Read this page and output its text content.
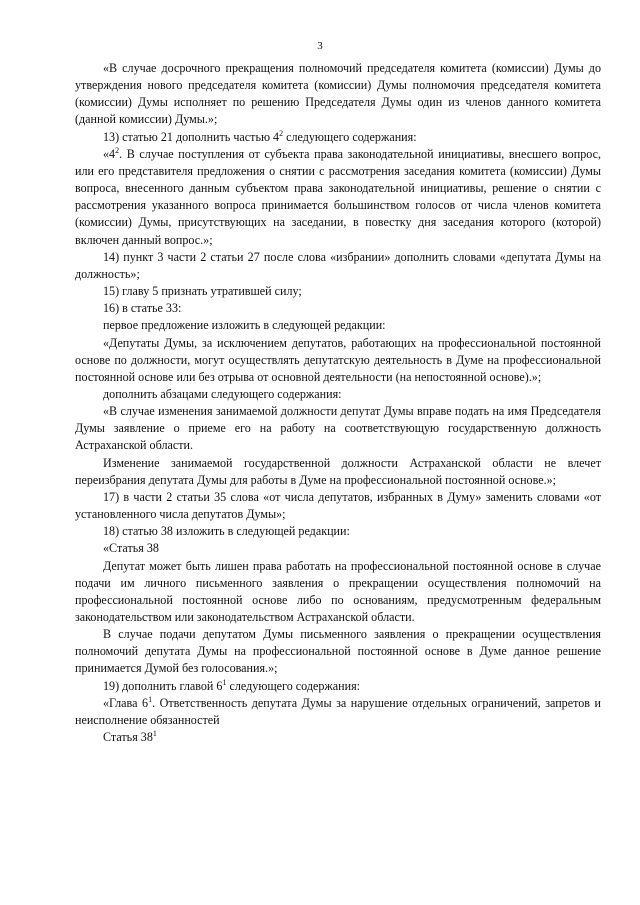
3

«В случае досрочного прекращения полномочий председателя комитета (комиссии) Думы до утверждения нового председателя комитета (комиссии) Думы полномочия председателя комитета (комиссии) Думы исполняет по решению Председателя Думы один из членов данного комитета (данной комиссии) Думы.»;

13) статью 21 дополнить частью $4^2$ следующего содержания:

«$4^2$. В случае поступления от субъекта права законодательной инициативы, внесшего вопрос, или его представителя предложения о снятии с рассмотрения заседания комитета (комиссии) Думы вопроса, внесенного данным субъектом права законодательной инициативы, решение о снятии с рассмотрения указанного вопроса принимается большинством голосов от числа членов комитета (комиссии) Думы, присутствующих на заседании, в повестку дня заседания которого (которой) включен данный вопрос.»;

14) пункт 3 части 2 статьи 27 после слова «избрании» дополнить словами «депутата Думы на должность»;

15) главу 5 признать утратившей силу;

16) в статье 33:

первое предложение изложить в следующей редакции:

«Депутаты Думы, за исключением депутатов, работающих на профессиональной постоянной основе по должности, могут осуществлять депутатскую деятельность в Думе на профессиональной постоянной основе или без отрыва от основной деятельности (на непостоянной основе).»;

дополнить абзацами следующего содержания:

«В случае изменения занимаемой должности депутат Думы вправе подать на имя Председателя Думы заявление о приеме его на работу на соответствующую государственную должность Астраханской области.

Изменение занимаемой государственной должности Астраханской области не влечет переизбрания депутата Думы для работы в Думе на профессиональной постоянной основе.»;

17) в части 2 статьи 35 слова «от числа депутатов, избранных в Думу» заменить словами «от установленного числа депутатов Думы»;

18) статью 38 изложить в следующей редакции:

«Статья 38

Депутат может быть лишен права работать на профессиональной постоянной основе в случае подачи им личного письменного заявления о прекращении осуществления полномочий на профессиональной постоянной основе либо по основаниям, предусмотренным федеральным законодательством или законодательством Астраханской области.

В случае подачи депутатом Думы письменного заявления о прекращении осуществления полномочий депутата Думы на профессиональной постоянной основе в Думе данное решение принимается Думой без голосования.»;

19) дополнить главой $6^1$ следующего содержания:

«Глава $6^1$. Ответственность депутата Думы за нарушение отдельных ограничений, запретов и неисполнение обязанностей

Статья $38^1$
